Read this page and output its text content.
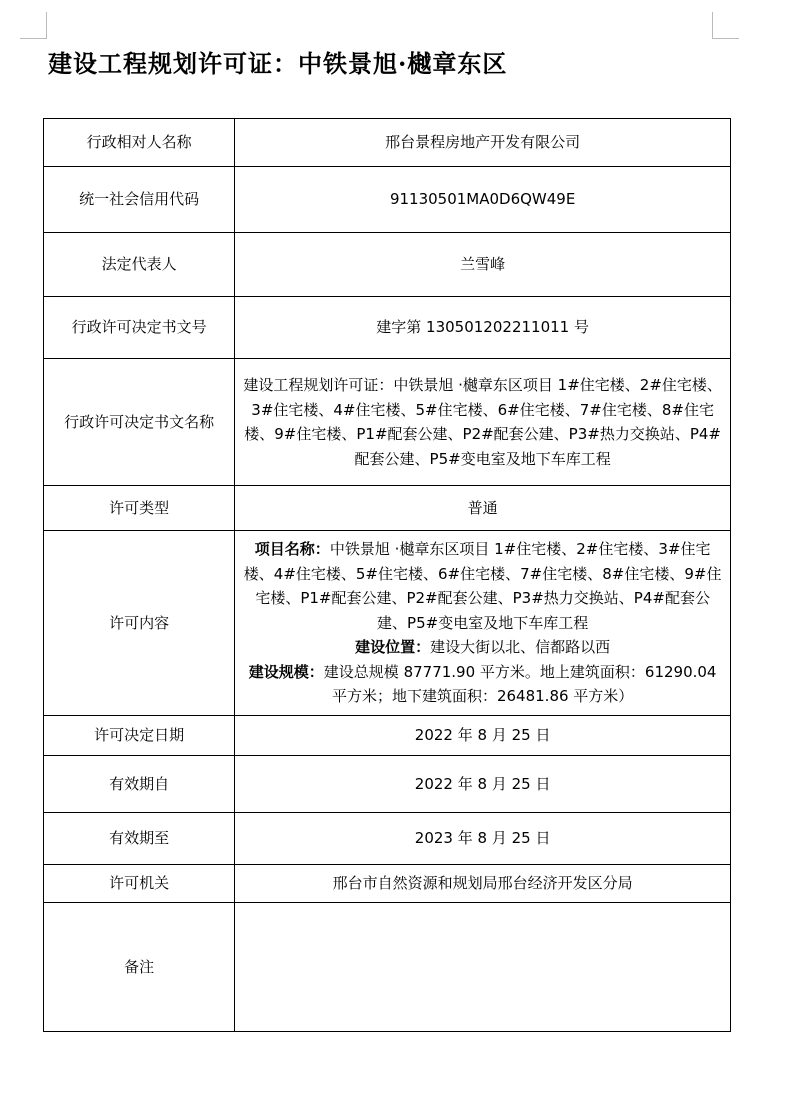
建设工程规划许可证：中铁景旭·樾章东区
行政相对人名称	邢台景程房地产开发有限公司
统一社会信用代码	91130501MA0D6QW49E
法定代表人	兰雪峰
行政许可决定书文号	建字第 130501202211011 号
行政许可决定书文名称	建设工程规划许可证：中铁景旭 ·樾章东区项目 1#住宅楼、2#住宅楼、3#住宅楼、4#住宅楼、5#住宅楼、6#住宅楼、7#住宅楼、8#住宅楼、9#住宅楼、P1#配套公建、P2#配套公建、P3#热力交换站、P4#配套公建、P5#变电室及地下车库工程
许可类型	普通
许可内容	项目名称：中铁景旭 ·樾章东区项目 1#住宅楼、2#住宅楼、3#住宅楼、4#住宅楼、5#住宅楼、6#住宅楼、7#住宅楼、8#住宅楼、9#住宅楼、P1#配套公建、P2#配套公建、P3#热力交换站、P4#配套公建、P5#变电室及地下车库工程
建设位置：建设大街以北、信都路以西
建设规模：建设总规模 87771.90 平方米。地上建筑面积：61290.04 平方米；地下建筑面积：26481.86 平方米）

许可决定日期	2022 年 8 月 25 日
有效期自	2022 年 8 月 25 日
有效期至	2023 年 8 月 25 日
许可机关	邢台市自然资源和规划局邢台经济开发区分局
备注	
